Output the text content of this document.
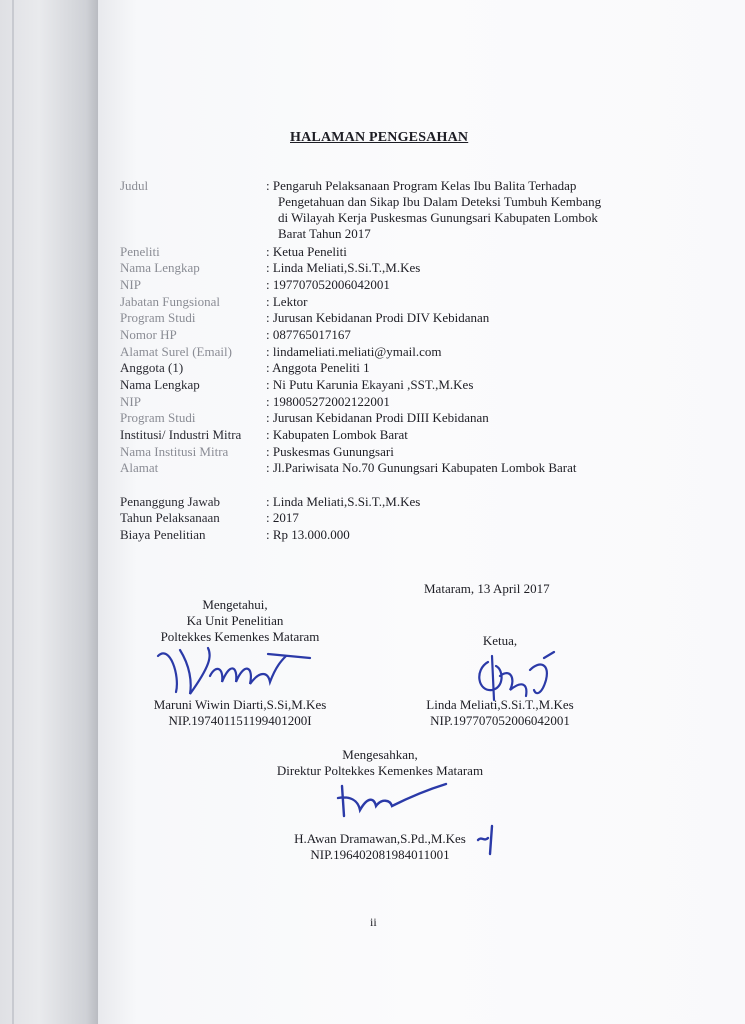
HALAMAN PENGESAHAN
Judul
Peneliti
Nama Lengkap
NIP
Jabatan Fungsional
Program Studi
Nomor HP
Alamat Surel (Email)
Anggota (1)
Nama Lengkap
NIP
Program Studi
Institusi/ Industri Mitra
Nama Institusi Mitra
Alamat
Penanggung Jawab
Tahun Pelaksanaan
Biaya Penelitian
: Pengaruh Pelaksanaan Program Kelas Ibu Balita Terhadap Pengetahuan dan Sikap Ibu Dalam Deteksi Tumbuh Kembang di Wilayah Kerja Puskesmas Gunungsari Kabupaten Lombok Barat Tahun 2017
: Ketua Peneliti
: Linda Meliati,S.Si.T.,M.Kes
: 197707052006042001
: Lektor
: Jurusan Kebidanan Prodi DIV Kebidanan
: 087765017167
: lindameliati.meliati@ymail.com
: Anggota Peneliti 1
: Ni Putu Karunia Ekayani ,SST.,M.Kes
: 198005272002122001
: Jurusan Kebidanan Prodi DIII Kebidanan
: Kabupaten Lombok Barat
: Puskesmas Gunungsari
: Jl.Pariwisata No.70 Gunungsari Kabupaten Lombok Barat
: Linda Meliati,S.Si.T.,M.Kes
: 2017
: Rp 13.000.000
Mataram, 13 April 2017
Mengetahui,
Ka Unit Penelitian
Poltekkes Kemenkes Mataram
Maruni Wiwin Diarti,S.Si,M.Kes
NIP.197401151199401200I
Ketua,
Linda Meliati,S.Si.T.,M.Kes
NIP.197707052006042001
Mengesahkan,
Direktur Poltekkes Kemenkes Mataram
H.Awan Dramawan,S.Pd.,M.Kes
NIP.196402081984011001
ii
